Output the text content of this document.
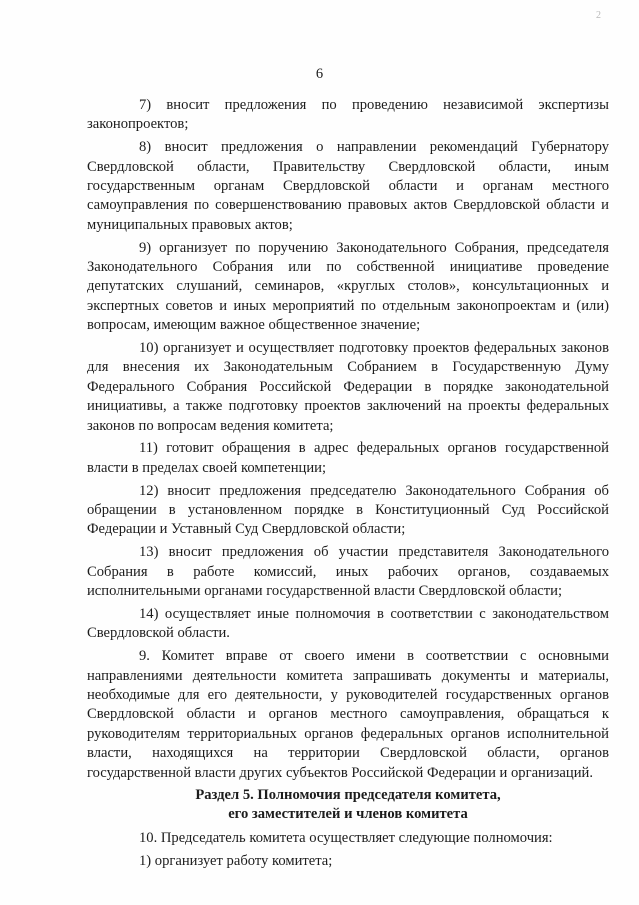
2
6

7) вносит предложения по проведению независимой экспертизы законопроектов;

8) вносит предложения о направлении рекомендаций Губернатору Свердловской области, Правительству Свердловской области, иным государственным органам Свердловской области и органам местного самоуправления по совершенствованию правовых актов Свердловской области и муниципальных правовых актов;

9) организует по поручению Законодательного Собрания, председателя Законодательного Собрания или по собственной инициативе проведение депутатских слушаний, семинаров, «круглых столов», консультационных и экспертных советов и иных мероприятий по отдельным законопроектам и (или) вопросам, имеющим важное общественное значение;

10) организует и осуществляет подготовку проектов федеральных законов для внесения их Законодательным Собранием в Государственную Думу Федерального Собрания Российской Федерации в порядке законодательной инициативы, а также подготовку проектов заключений на проекты федеральных законов по вопросам ведения комитета;

11) готовит обращения в адрес федеральных органов государственной власти в пределах своей компетенции;

12) вносит предложения председателю Законодательного Собрания об обращении в установленном порядке в Конституционный Суд Российской Федерации и Уставный Суд Свердловской области;

13) вносит предложения об участии представителя Законодательного Собрания в работе комиссий, иных рабочих органов, создаваемых исполнительными органами государственной власти Свердловской области;

14) осуществляет иные полномочия в соответствии с законодательством Свердловской области.

9. Комитет вправе от своего имени в соответствии с основными направлениями деятельности комитета запрашивать документы и материалы, необходимые для его деятельности, у руководителей государственных органов Свердловской области и органов местного самоуправления, обращаться к руководителям территориальных органов федеральных органов исполнительной власти, находящихся на территории Свердловской области, органов государственной власти других субъектов Российской Федерации и организаций.

Раздел 5. Полномочия председателя комитета,
его заместителей и членов комитета

10. Председатель комитета осуществляет следующие полномочия:

1) организует работу комитета;
